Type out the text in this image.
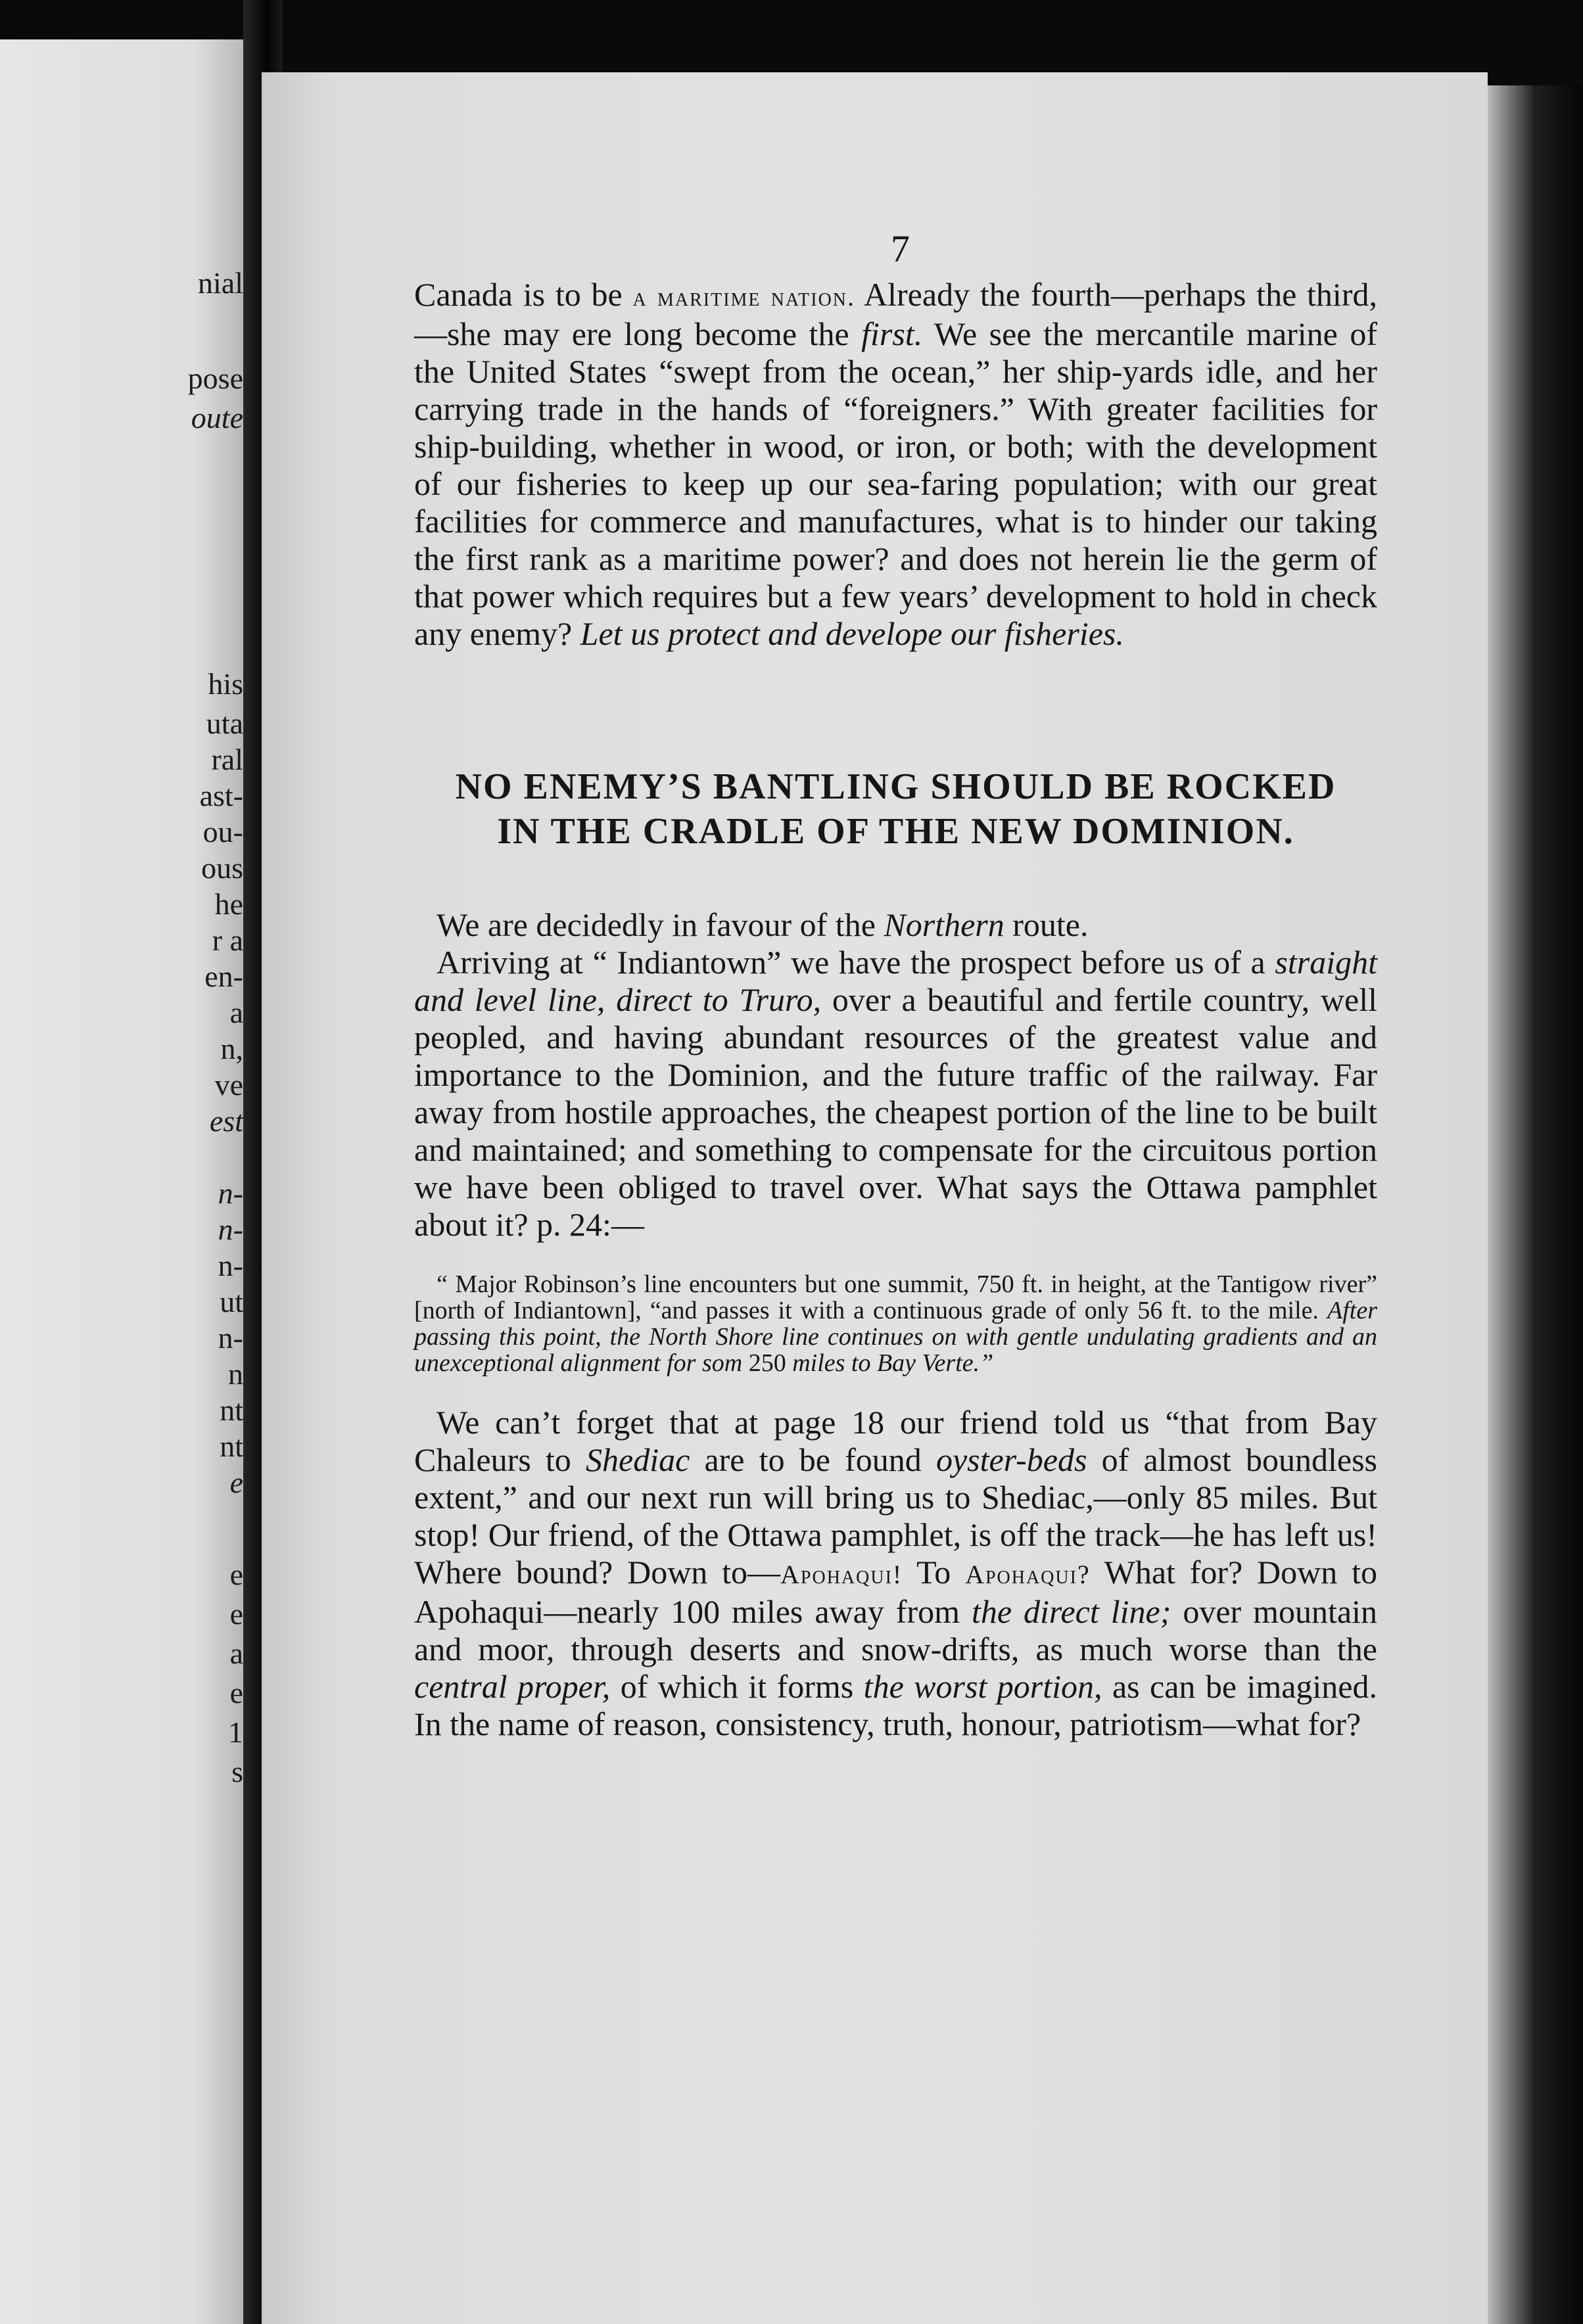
nial
pose
oute
his
uta
ral
ast-
ou-
ous
he
r a
en-
a
n,
ve
est
n-
n-
n-
ut
n-
n
nt
nt
e
e
e
a
e
1
s
7

Canada is to be a maritime nation. Already the fourth—perhaps the third,—she may ere long become the first. We see the mercantile marine of the United States “swept from the ocean,” her ship-yards idle, and her carrying trade in the hands of “foreigners.” With greater facilities for ship-building, whether in wood, or iron, or both; with the development of our fisheries to keep up our sea-faring population; with our great facilities for commerce and manufactures, what is to hinder our taking the first rank as a maritime power? and does not herein lie the germ of that power which requires but a few years’ development to hold in check any enemy? Let us protect and develope our fisheries.

NO ENEMY’S BANTLING SHOULD BE ROCKED
IN THE CRADLE OF THE NEW DOMINION.

We are decidedly in favour of the Northern route.

Arriving at “ Indiantown” we have the prospect before us of a straight and level line, direct to Truro, over a beautiful and fertile country, well peopled, and having abundant resources of the greatest value and importance to the Dominion, and the future traffic of the railway. Far away from hostile approaches, the cheapest portion of the line to be built and maintained; and something to compensate for the circuitous portion we have been obliged to travel over. What says the Ottawa pamphlet about it? p. 24:—

“ Major Robinson’s line encounters but one summit, 750 ft. in height, at the Tantigow river” [north of Indiantown], “and passes it with a continuous grade of only 56 ft. to the mile. After passing this point, the North Shore line continues on with gentle undulating gradients and an unexceptional alignment for som 250 miles to Bay Verte.”

We can’t forget that at page 18 our friend told us “that from Bay Chaleurs to Shediac are to be found oyster-beds of almost boundless extent,” and our next run will bring us to Shediac,—only 85 miles. But stop! Our friend, of the Ottawa pamphlet, is off the track—he has left us! Where bound? Down to—Apohaqui! To Apohaqui? What for? Down to Apohaqui—nearly 100 miles away from the direct line; over mountain and moor, through deserts and snow-drifts, as much worse than the central proper, of which it forms the worst portion, as can be imagined. In the name of reason, consistency, truth, honour, patriotism—what for?
